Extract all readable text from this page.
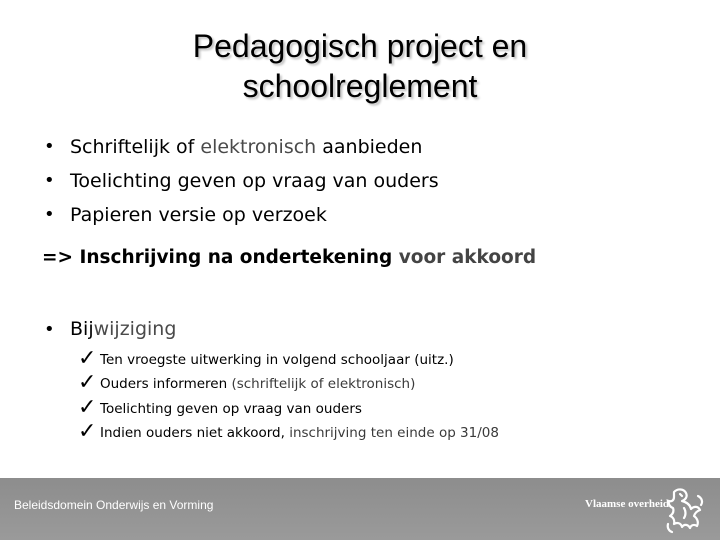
Pedagogisch project en
schoolreglement
• Schriftelijk of elektronisch aanbieden
• Toelichting geven op vraag van ouders
• Papieren versie op verzoek
=> Inschrijving na ondertekening voor akkoord
• Bij wijziging
✓ Ten vroegste uitwerking in volgend schooljaar (uitz.)
✓ Ouders informeren (schriftelijk of elektronisch)
✓ Toelichting geven op vraag van ouders
✓ Indien ouders niet akkoord, inschrijving ten einde op 31/08
Beleidsdomein Onderwijs en Vorming	Vlaamse overheid
